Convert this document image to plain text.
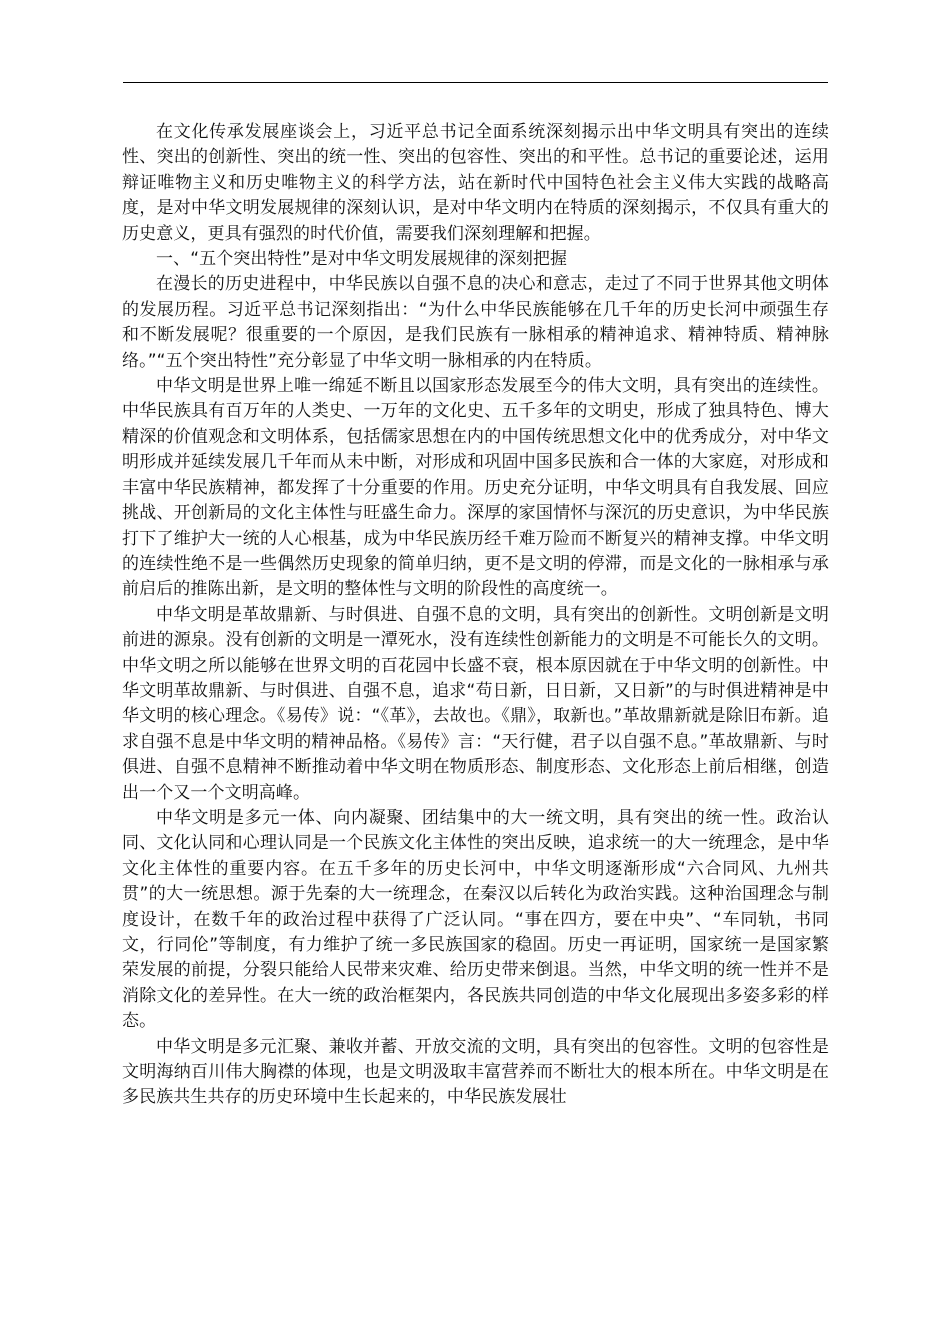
在文化传承发展座谈会上，习近平总书记全面系统深刻揭示出中华文明具有突出的连续性、突出的创新性、突出的统一性、突出的包容性、突出的和平性。总书记的重要论述，运用辩证唯物主义和历史唯物主义的科学方法，站在新时代中国特色社会主义伟大实践的战略高度，是对中华文明发展规律的深刻认识，是对中华文明内在特质的深刻揭示，不仅具有重大的历史意义，更具有强烈的时代价值，需要我们深刻理解和把握。

一、“五个突出特性”是对中华文明发展规律的深刻把握

在漫长的历史进程中，中华民族以自强不息的决心和意志，走过了不同于世界其他文明体的发展历程。习近平总书记深刻指出：“为什么中华民族能够在几千年的历史长河中顽强生存和不断发展呢？很重要的一个原因，是我们民族有一脉相承的精神追求、精神特质、精神脉络。”“五个突出特性”充分彰显了中华文明一脉相承的内在特质。

中华文明是世界上唯一绵延不断且以国家形态发展至今的伟大文明，具有突出的连续性。中华民族具有百万年的人类史、一万年的文化史、五千多年的文明史，形成了独具特色、博大精深的价值观念和文明体系，包括儒家思想在内的中国传统思想文化中的优秀成分，对中华文明形成并延续发展几千年而从未中断，对形成和巩固中国多民族和合一体的大家庭，对形成和丰富中华民族精神，都发挥了十分重要的作用。历史充分证明，中华文明具有自我发展、回应挑战、开创新局的文化主体性与旺盛生命力。深厚的家国情怀与深沉的历史意识，为中华民族打下了维护大一统的人心根基，成为中华民族历经千难万险而不断复兴的精神支撑。中华文明的连续性绝不是一些偶然历史现象的简单归纳，更不是文明的停滞，而是文化的一脉相承与承前启后的推陈出新，是文明的整体性与文明的阶段性的高度统一。

中华文明是革故鼎新、与时俱进、自强不息的文明，具有突出的创新性。文明创新是文明前进的源泉。没有创新的文明是一潭死水，没有连续性创新能力的文明是不可能长久的文明。中华文明之所以能够在世界文明的百花园中长盛不衰，根本原因就在于中华文明的创新性。中华文明革故鼎新、与时俱进、自强不息，追求“苟日新，日日新，又日新”的与时俱进精神是中华文明的核心理念。《易传》说：“《革》，去故也。《鼎》，取新也。”革故鼎新就是除旧布新。追求自强不息是中华文明的精神品格。《易传》言：“天行健，君子以自强不息。”革故鼎新、与时俱进、自强不息精神不断推动着中华文明在物质形态、制度形态、文化形态上前后相继，创造出一个又一个文明高峰。

中华文明是多元一体、向内凝聚、团结集中的大一统文明，具有突出的统一性。政治认同、文化认同和心理认同是一个民族文化主体性的突出反映，追求统一的大一统理念，是中华文化主体性的重要内容。在五千多年的历史长河中，中华文明逐渐形成“六合同风、九州共贯”的大一统思想。源于先秦的大一统理念，在秦汉以后转化为政治实践。这种治国理念与制度设计，在数千年的政治过程中获得了广泛认同。“事在四方，要在中央”、“车同轨，书同文，行同伦”等制度，有力维护了统一多民族国家的稳固。历史一再证明，国家统一是国家繁荣发展的前提，分裂只能给人民带来灾难、给历史带来倒退。当然，中华文明的统一性并不是消除文化的差异性。在大一统的政治框架内，各民族共同创造的中华文化展现出多姿多彩的样态。

中华文明是多元汇聚、兼收并蓄、开放交流的文明，具有突出的包容性。文明的包容性是文明海纳百川伟大胸襟的体现，也是文明汲取丰富营养而不断壮大的根本所在。中华文明是在多民族共生共存的历史环境中生长起来的，中华民族发展壮
